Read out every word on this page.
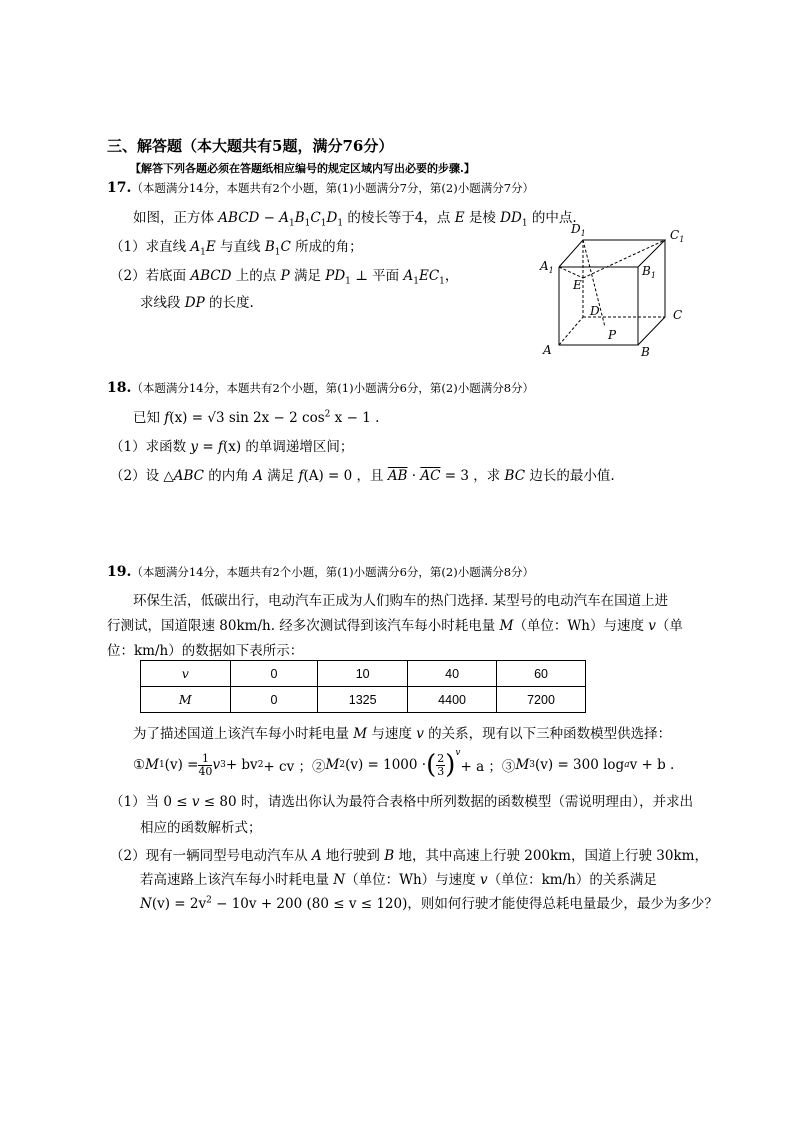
三、解答题（本大题共有5题，满分76分）
【解答下列各题必须在答题纸相应编号的规定区域内写出必要的步骤.】
17.（本题满分14分，本题共有2个小题，第(1)小题满分7分，第(2)小题满分7分）
如图，正方体 ABCD − $A_1B_1C_1D_1$ 的棱长等于4，点 E 是棱 $DD_1$ 的中点.
（1）求直线 $A_1E$ 与直线 $B_1C$ 所成的角；
（2）若底面 ABCD 上的点 P 满足 $PD_1$ ⊥ 平面 $A_1EC_1$，
求线段 DP 的长度.
$D_1$	$C_1$
$A_1$	$B_1$
E
D	C
P
A	B
18.（本题满分14分，本题共有2个小题，第(1)小题满分6分，第(2)小题满分8分）
已知 f(x) = √3 sin 2x − 2 $\cos^2 x - 1$ .
（1）求函数 y = f(x) 的单调递增区间；
（2）设 △ABC 的内角 A 满足 f(A) = 0 ，且 $\overline{AB} \cdot \overline{AC} = 3$ ，求 BC 边长的最小值.
19.（本题满分14分，本题共有2个小题，第(1)小题满分6分，第(2)小题满分8分）
环保生活，低碳出行，电动汽车正成为人们购车的热门选择. 某型号的电动汽车在国道上进
行测试，国道限速 80km/h. 经多次测试得到该汽车每小时耗电量 M（单位：Wh）与速度 v（单
位：km/h）的数据如下表所示：
v	0	10	40	60
M	0	1325	4400	7200
为了描述国道上该汽车每小时耗电量 M 与速度 v 的关系，现有以下三种函数模型供选择：
① M 1 $(v) = \frac{1}{40}$ v 3 + bv 2 + cv ；② M 2 (v) = 1000 · ( $\frac{2}{3}$ ) $^v$
+ a ；③ M 3 (v) = 300 log a v + b .
（1）当 0 ≤ v ≤ 80 时，请选出你认为最符合表格中所列数据的函数模型（需说明理由），并求出
相应的函数解析式；
（2）现有一辆同型号电动汽车从 A 地行驶到 B 地，其中高速上行驶 200km，国道上行驶 30km，
若高速路上该汽车每小时耗电量 N（单位：Wh）与速度 v（单位：km/h）的关系满足
$N(v) = 2v^2 - 10v + 200$ (80 ≤ v ≤ 120)，则如何行驶才能使得总耗电量最少，最少为多少？
